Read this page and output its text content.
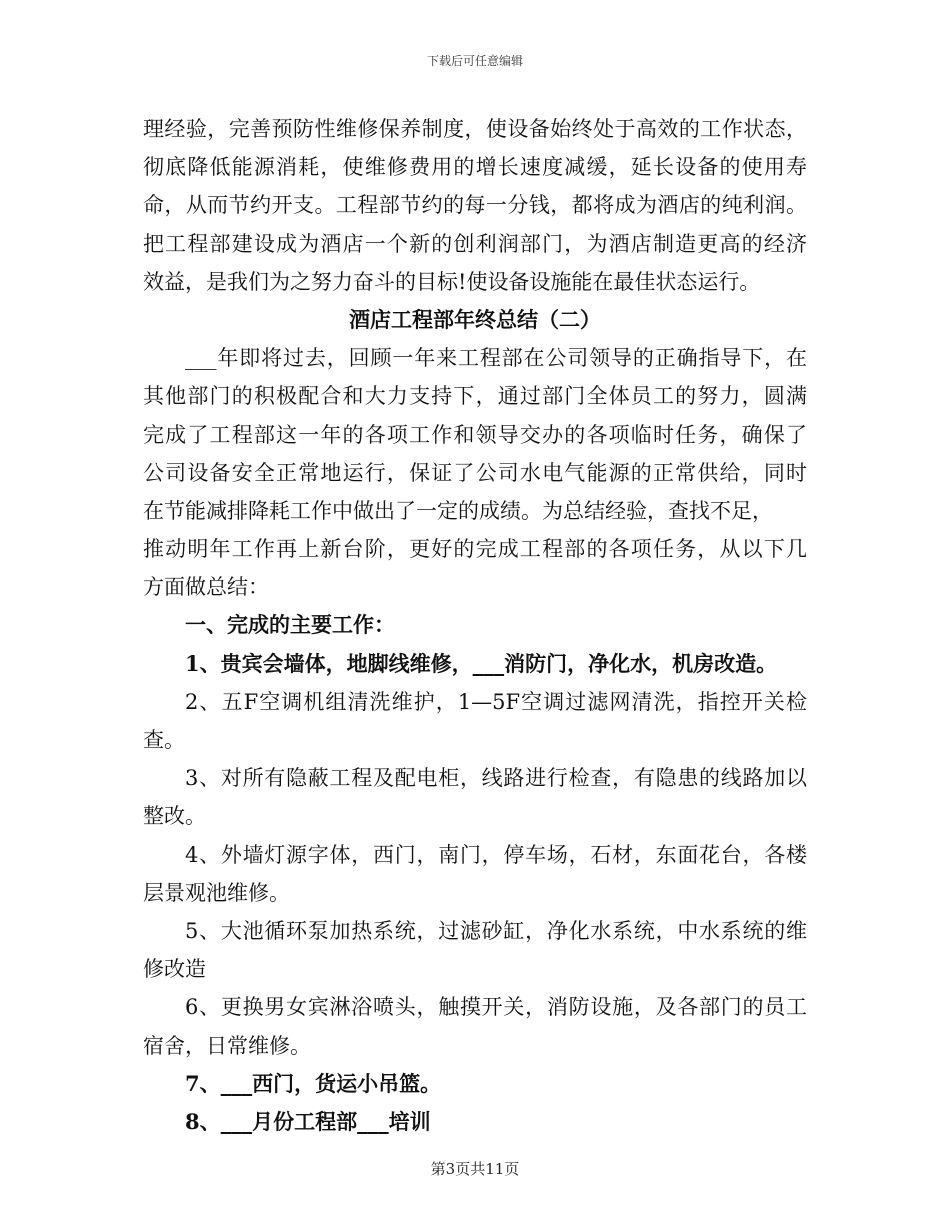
下载后可任意编辑
理经验，完善预防性维修保养制度，使设备始终处于高效的工作状态，
彻底降低能源消耗，使维修费用的增长速度减缓，延长设备的使用寿
命，从而节约开支。工程部节约的每一分钱，都将成为酒店的纯利润。
把工程部建设成为酒店一个新的创利润部门，为酒店制造更高的经济
效益，是我们为之努力奋斗的目标!使设备设施能在最佳状态运行。
酒店工程部年终总结（二）
___年即将过去，回顾一年来工程部在公司领导的正确指导下，在
其他部门的积极配合和大力支持下，通过部门全体员工的努力，圆满
完成了工程部这一年的各项工作和领导交办的各项临时任务，确保了
公司设备安全正常地运行，保证了公司水电气能源的正常供给，同时
在节能减排降耗工作中做出了一定的成绩。为总结经验，查找不足，
推动明年工作再上新台阶，更好的完成工程部的各项任务，从以下几
方面做总结：
一、完成的主要工作：
1、贵宾会墙体，地脚线维修，___消防门，净化水，机房改造。
2、五F空调机组清洗维护，1—5F空调过滤网清洗，指控开关检
查。
3、对所有隐蔽工程及配电柜，线路进行检查，有隐患的线路加以
整改。
4、外墙灯源字体，西门，南门，停车场，石材，东面花台，各楼
层景观池维修。
5、大池循环泵加热系统，过滤砂缸，净化水系统，中水系统的维
修改造
6、更换男女宾淋浴喷头，触摸开关，消防设施，及各部门的员工
宿舍，日常维修。
7、___西门，货运小吊篮。
8、___月份工程部___培训
第3页共11页
